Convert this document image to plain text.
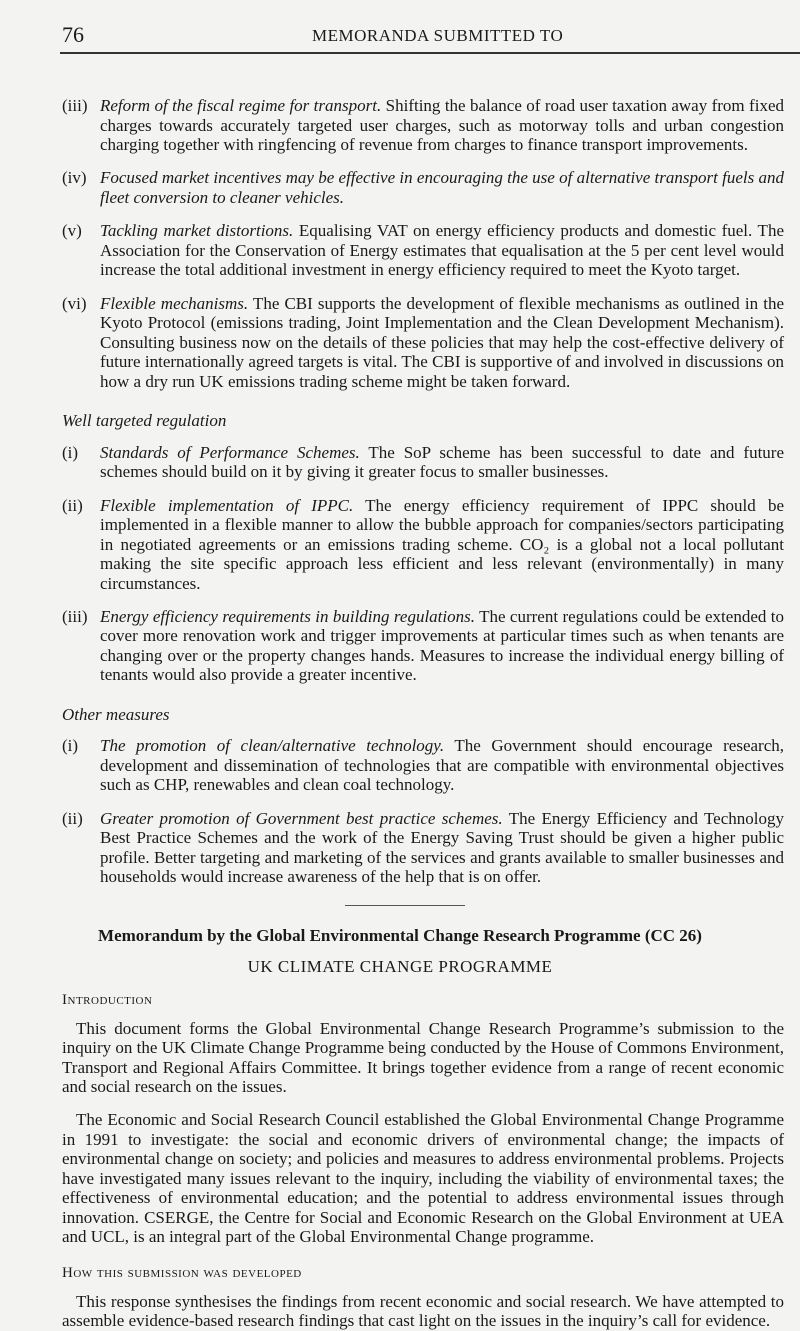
76	MEMORANDA SUBMITTED TO
(iii) Reform of the fiscal regime for transport. Shifting the balance of road user taxation away from fixed charges towards accurately targeted user charges, such as motorway tolls and urban congestion charging together with ringfencing of revenue from charges to finance transport improvements.
(iv) Focused market incentives may be effective in encouraging the use of alternative transport fuels and fleet conversion to cleaner vehicles.
(v) Tackling market distortions. Equalising VAT on energy efficiency products and domestic fuel. The Association for the Conservation of Energy estimates that equalisation at the 5 per cent level would increase the total additional investment in energy efficiency required to meet the Kyoto target.
(vi) Flexible mechanisms. The CBI supports the development of flexible mechanisms as outlined in the Kyoto Protocol (emissions trading, Joint Implementation and the Clean Development Mechanism). Consulting business now on the details of these policies that may help the cost-effective delivery of future internationally agreed targets is vital. The CBI is supportive of and involved in discussions on how a dry run UK emissions trading scheme might be taken forward.
Well targeted regulation
(i) Standards of Performance Schemes. The SoP scheme has been successful to date and future schemes should build on it by giving it greater focus to smaller businesses.
(ii) Flexible implementation of IPPC. The energy efficiency requirement of IPPC should be implemented in a flexible manner to allow the bubble approach for companies/sectors participating in negotiated agreements or an emissions trading scheme. CO₂ is a global not a local pollutant making the site specific approach less efficient and less relevant (environmentally) in many circumstances.
(iii) Energy efficiency requirements in building regulations. The current regulations could be extended to cover more renovation work and trigger improvements at particular times such as when tenants are changing over or the property changes hands. Measures to increase the individual energy billing of tenants would also provide a greater incentive.
Other measures
(i) The promotion of clean/alternative technology. The Government should encourage research, development and dissemination of technologies that are compatible with environmental objectives such as CHP, renewables and clean coal technology.
(ii) Greater promotion of Government best practice schemes. The Energy Efficiency and Technology Best Practice Schemes and the work of the Energy Saving Trust should be given a higher public profile. Better targeting and marketing of the services and grants available to smaller businesses and households would increase awareness of the help that is on offer.
Memorandum by the Global Environmental Change Research Programme (CC 26)
UK CLIMATE CHANGE PROGRAMME
Introduction
This document forms the Global Environmental Change Research Programme’s submission to the inquiry on the UK Climate Change Programme being conducted by the House of Commons Environment, Transport and Regional Affairs Committee. It brings together evidence from a range of recent economic and social research on the issues.
The Economic and Social Research Council established the Global Environmental Change Programme in 1991 to investigate: the social and economic drivers of environmental change; the impacts of environmental change on society; and policies and measures to address environmental problems. Projects have investigated many issues relevant to the inquiry, including the viability of environmental taxes; the effectiveness of environmental education; and the potential to address environmental issues through innovation. CSERGE, the Centre for Social and Economic Research on the Global Environment at UEA and UCL, is an integral part of the Global Environmental Change programme.
How this submission was developed
This response synthesises the findings from recent economic and social research. We have attempted to assemble evidence-based research findings that cast light on the issues in the inquiry’s call for evidence.
